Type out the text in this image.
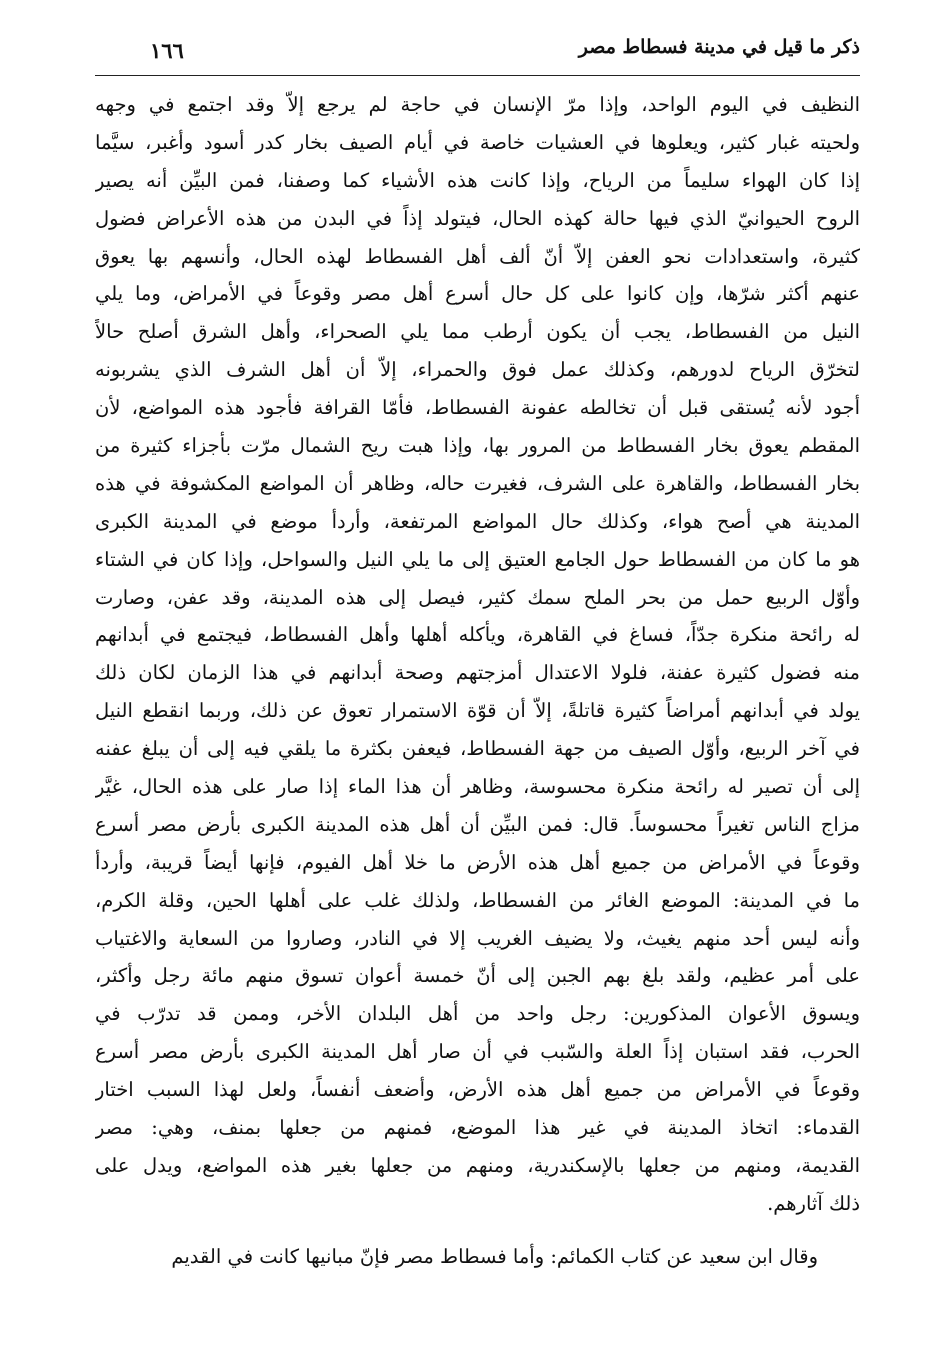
ذكر ما قيل في مدينة فسطاط مصر
١٦٦
النظيف في اليوم الواحد، وإذا مرّ الإنسان في حاجة لم يرجع إلاّ وقد اجتمع في وجهه
ولحيته غبار كثير، ويعلوها في العشيات خاصة في أيام الصيف بخار كدر أسود وأغبر، سيَّما
إذا كان الهواء سليماً من الرياح، وإذا كانت هذه الأشياء كما وصفنا، فمن البيِّن أنه يصير
الروح الحيوانيّ الذي فيها حالة كهذه الحال، فيتولد إذاً في البدن من هذه الأعراض فضول
كثيرة، واستعدادات نحو العفن إلاّ أنّ ألف أهل الفسطاط لهذه الحال، وأنسهم بها يعوق
عنهم أكثر شرّها، وإن كانوا على كل حال أسرع أهل مصر وقوعاً في الأمراض، وما يلي
النيل من الفسطاط، يجب أن يكون أرطب مما يلي الصحراء، وأهل الشرق أصلح حالاً
لتخرّق الرياح لدورهم، وكذلك عمل فوق والحمراء، إلاّ أن أهل الشرف الذي يشربونه
أجود لأنه يُستقى قبل أن تخالطه عفونة الفسطاط، فأمّا القرافة فأجود هذه المواضع، لأن
المقطم يعوق بخار الفسطاط من المرور بها، وإذا هبت ريح الشمال مرّت بأجزاء كثيرة من
بخار الفسطاط، والقاهرة على الشرف، فغيرت حاله، وظاهر أن المواضع المكشوفة في هذه
المدينة هي أصح هواء، وكذلك حال المواضع المرتفعة، وأردأ موضع في المدينة الكبرى
هو ما كان من الفسطاط حول الجامع العتيق إلى ما يلي النيل والسواحل، وإذا كان في الشتاء
وأوّل الربيع حمل من بحر الملح سمك كثير، فيصل إلى هذه المدينة، وقد عفن، وصارت
له رائحة منكرة جدّاً، فساغ في القاهرة، ويأكله أهلها وأهل الفسطاط، فيجتمع في أبدانهم
منه فضول كثيرة عفنة، فلولا الاعتدال أمزجتهم وصحة أبدانهم في هذا الزمان لكان ذلك
يولد في أبدانهم أمراضاً كثيرة قاتلةً، إلاّ أن قوّة الاستمرار تعوق عن ذلك، وربما انقطع النيل
في آخر الربيع، وأوّل الصيف من جهة الفسطاط، فيعفن بكثرة ما يلقي فيه إلى أن يبلغ عفنه
إلى أن تصير له رائحة منكرة محسوسة، وظاهر أن هذا الماء إذا صار على هذه الحال، غيَّر
مزاج الناس تغيراً محسوساً. قال: فمن البيِّن أن أهل هذه المدينة الكبرى بأرض مصر أسرع
وقوعاً في الأمراض من جميع أهل هذه الأرض ما خلا أهل الفيوم، فإنها أيضاً قريبة، وأردأ
ما في المدينة: الموضع الغائر من الفسطاط، ولذلك غلب على أهلها الحين، وقلة الكرم،
وأنه ليس أحد منهم يغيث، ولا يضيف الغريب إلا في النادر، وصاروا من السعاية والاغتياب
على أمر عظيم، ولقد بلغ بهم الجبن إلى أنّ خمسة أعوان تسوق منهم مائة رجل وأكثر،
ويسوق الأعوان المذكورين: رجل واحد من أهل البلدان الأخر، وممن قد تدرّب في
الحرب، فقد استبان إذاً العلة والسّبب في أن صار أهل المدينة الكبرى بأرض مصر أسرع
وقوعاً في الأمراض من جميع أهل هذه الأرض، وأضعف أنفساً، ولعل لهذا السبب اختار
القدماء: اتخاذ المدينة في غير هذا الموضع، فمنهم من جعلها بمنف، وهي: مصر
القديمة، ومنهم من جعلها بالإسكندرية، ومنهم من جعلها بغير هذه المواضع، ويدل على
ذلك آثارهم.
وقال ابن سعيد عن كتاب الكمائم: وأما فسطاط مصر فإنّ مبانيها كانت في القديم
